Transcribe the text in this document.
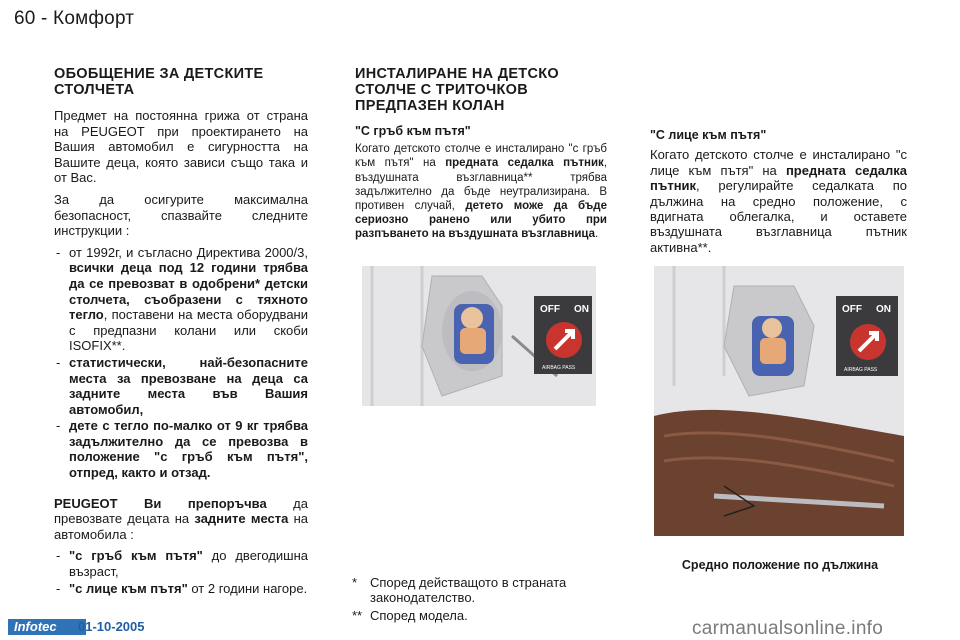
60 - Комфорт
ОБОБЩЕНИЕ ЗА ДЕТСКИТЕ СТОЛЧЕТА

Предмет на постоянна грижа от страна на PEUGEOT при проектирането на Вашия автомобил е сигурността на Вашите деца, която зависи също така и от Вас.

За да осигурите максимална безопасност, спазвайте следните инструкции :

- от 1992г, и съгласно Директива 2000/3, всички деца под 12 години трябва да се превозват в одобрени* детски столчета, съобразени с тяхното тегло, поставени на места оборудвани с предпазни колани или скоби ISOFIX**.
- статистически, най-безопасните места за превозване на деца са задните места във Вашия автомобил,
- дете с тегло по-малко от 9 кг трябва задължително да се превозва в положение "с гръб към пътя", отпред, както и отзад.

PEUGEOT Ви препоръчва да превозвате децата на задните места на автомобила :

- "с гръб към пътя" до двегодишна възраст,
- "с лице към пътя" от 2 години нагоре.
ИНСТАЛИРАНЕ НА ДЕТСКО СТОЛЧЕ С ТРИТОЧКОВ ПРЕДПАЗЕН КОЛАН
"С гръб към пътя"

Когато детското столче е инсталирано "с гръб към пътя" на предната седалка пътник, въздушната възглавница** трябва задължително да бъде неутрализирана. В противен случай, детето може да бъде сериозно ранено или убито при разпъването на въздушната възглавница.

"С лице към пътя"

Когато детското столче е инсталирано "с лице към пътя" на предната седалка пътник, регулирайте седалката по дължина на средно положение, с вдигната облегалка, и оставете въздушната възглавница пътник активна**.

OFF ON
AIRBAG PASS
OFF ON
AIRBAG PASS
Средно положение по дължина
* Според действащото в страната законодателство.
** Според модела.
Infotec	01-10-2005	carmanualsonline.info
